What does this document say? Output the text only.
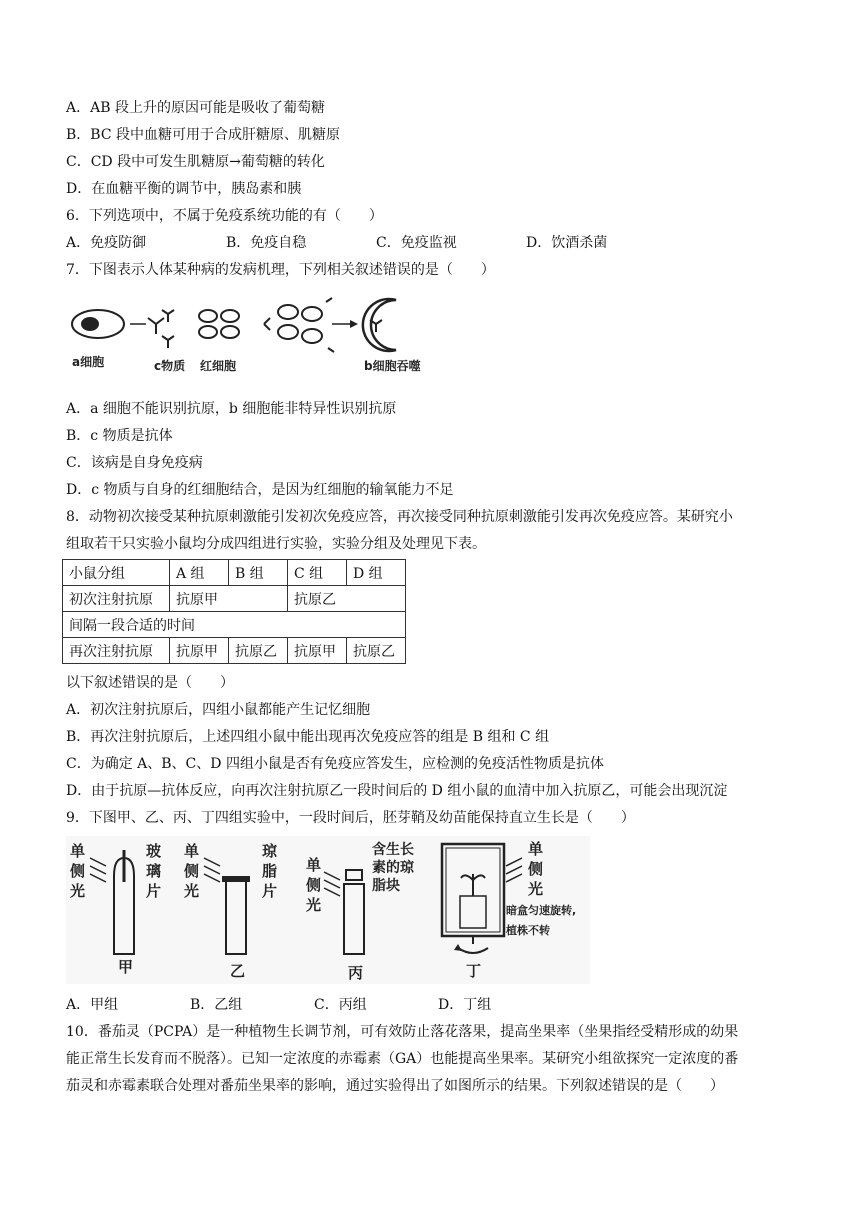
A．AB 段上升的原因可能是吸收了葡萄糖
B．BC 段中血糖可用于合成肝糖原、肌糖原
C．CD 段中可发生肌糖原→葡萄糖的转化
D．在血糖平衡的调节中，胰岛素和胰
6．下列选项中，不属于免疫系统功能的有（　　）
A．免疫防御	B．免疫自稳	C．免疫监视	D．饮酒杀菌
7．下图表示人体某种病的发病机理，下列相关叙述错误的是（　　）
a细胞	c物质 红细胞	b细胞吞噬
A．a 细胞不能识别抗原，b 细胞能非特异性识别抗原
B．c 物质是抗体
C．该病是自身免疫病
D．c 物质与自身的红细胞结合，是因为红细胞的输氧能力不足
8．动物初次接受某种抗原刺激能引发初次免疫应答，再次接受同种抗原刺激能引发再次免疫应答。某研究小
组取若干只实验小鼠均分成四组进行实验，实验分组及处理见下表。
小鼠分组	A 组	B 组	C 组	D 组
初次注射抗原	抗原甲		抗原乙	
间隔一段合适的时间				
再次注射抗原	抗原甲	抗原乙	抗原甲	抗原乙
以下叙述错误的是（　　）
A．初次注射抗原后，四组小鼠都能产生记忆细胞
B．再次注射抗原后，上述四组小鼠中能出现再次免疫应答的组是 B 组和 C 组
C．为确定 A、B、C、D 四组小鼠是否有免疫应答发生，应检测的免疫活性物质是抗体
D．由于抗原—抗体反应，向再次注射抗原乙一段时间后的 D 组小鼠的血清中加入抗原乙，可能会出现沉淀
9．下图甲、乙、丙、丁四组实验中，一段时间后，胚芽鞘及幼苗能保持直立生长是（　　）
单
侧
光
玻
璃
片
甲
单
侧
光
琼
脂
片
乙
单
侧
光
含生长
素的琼
脂块
丙
单
侧
光
暗盒匀速旋转,
植株不转
丁
A．甲组	B．乙组	C．丙组	D．丁组
10．番茄灵（PCPA）是一种植物生长调节剂，可有效防止落花落果，提高坐果率（坐果指经受精形成的幼果
能正常生长发育而不脱落）。已知一定浓度的赤霉素（GA）也能提高坐果率。某研究小组欲探究一定浓度的番
茄灵和赤霉素联合处理对番茄坐果率的影响，通过实验得出了如图所示的结果。下列叙述错误的是（　　）
